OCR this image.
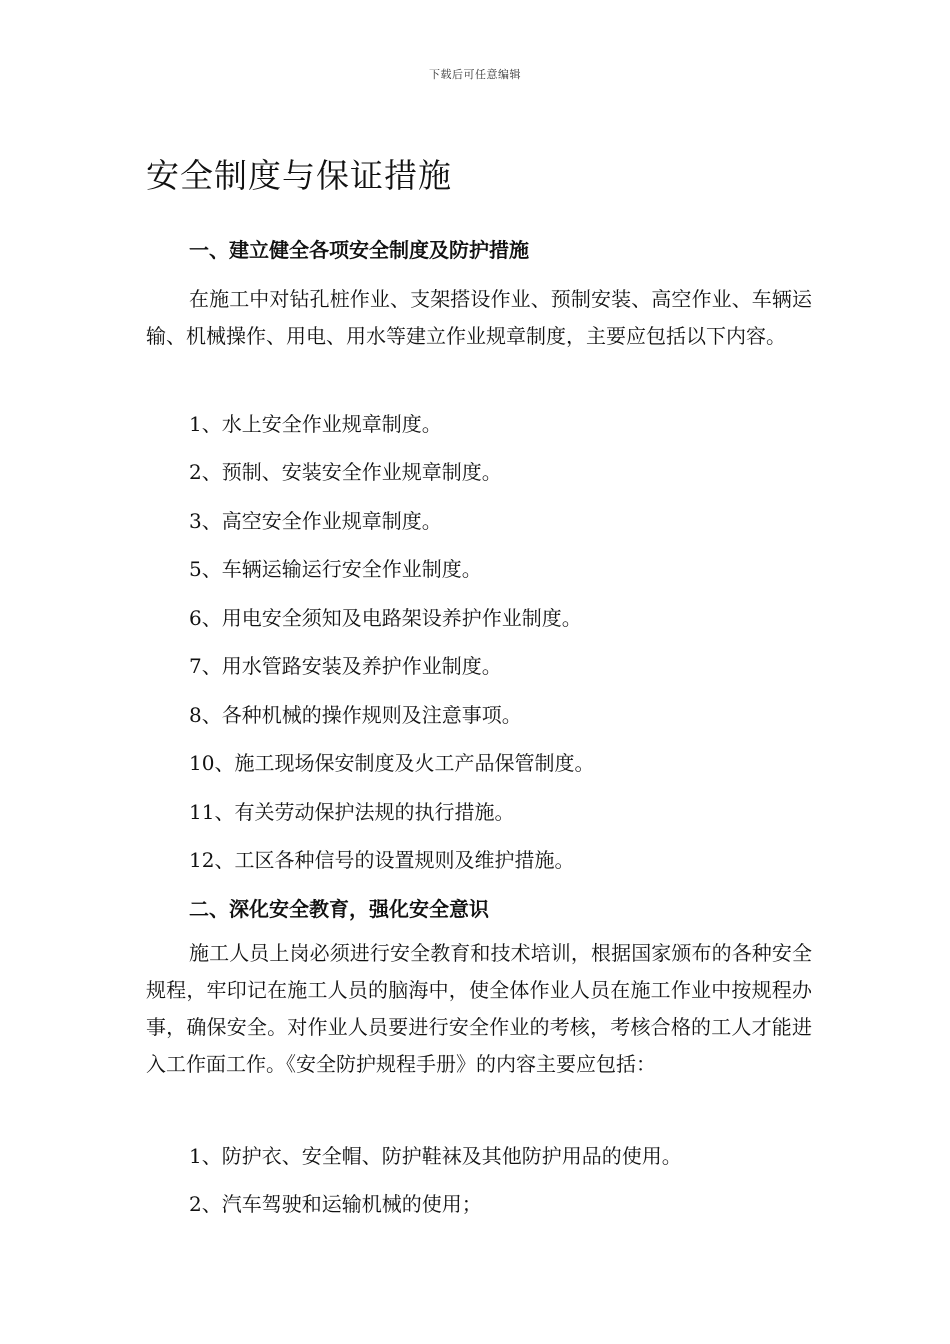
下载后可任意编辑
安全制度与保证措施
一、建立健全各项安全制度及防护措施

在施工中对钻孔桩作业、支架搭设作业、预制安装、高空作业、车辆运输、机械操作、用电、用水等建立作业规章制度，主要应包括以下内容。

1、水上安全作业规章制度。

2、预制、安装安全作业规章制度。

3、高空安全作业规章制度。

5、车辆运输运行安全作业制度。

6、用电安全须知及电路架设养护作业制度。

7、用水管路安装及养护作业制度。

8、各种机械的操作规则及注意事项。

10、施工现场保安制度及火工产品保管制度。

11、有关劳动保护法规的执行措施。

12、工区各种信号的设置规则及维护措施。

二、深化安全教育，强化安全意识

施工人员上岗必须进行安全教育和技术培训，根据国家颁布的各种安全规程，牢印记在施工人员的脑海中，使全体作业人员在施工作业中按规程办事，确保安全。对作业人员要进行安全作业的考核，考核合格的工人才能进入工作面工作。《安全防护规程手册》的内容主要应包括：

1、防护衣、安全帽、防护鞋袜及其他防护用品的使用。

2、汽车驾驶和运输机械的使用；
